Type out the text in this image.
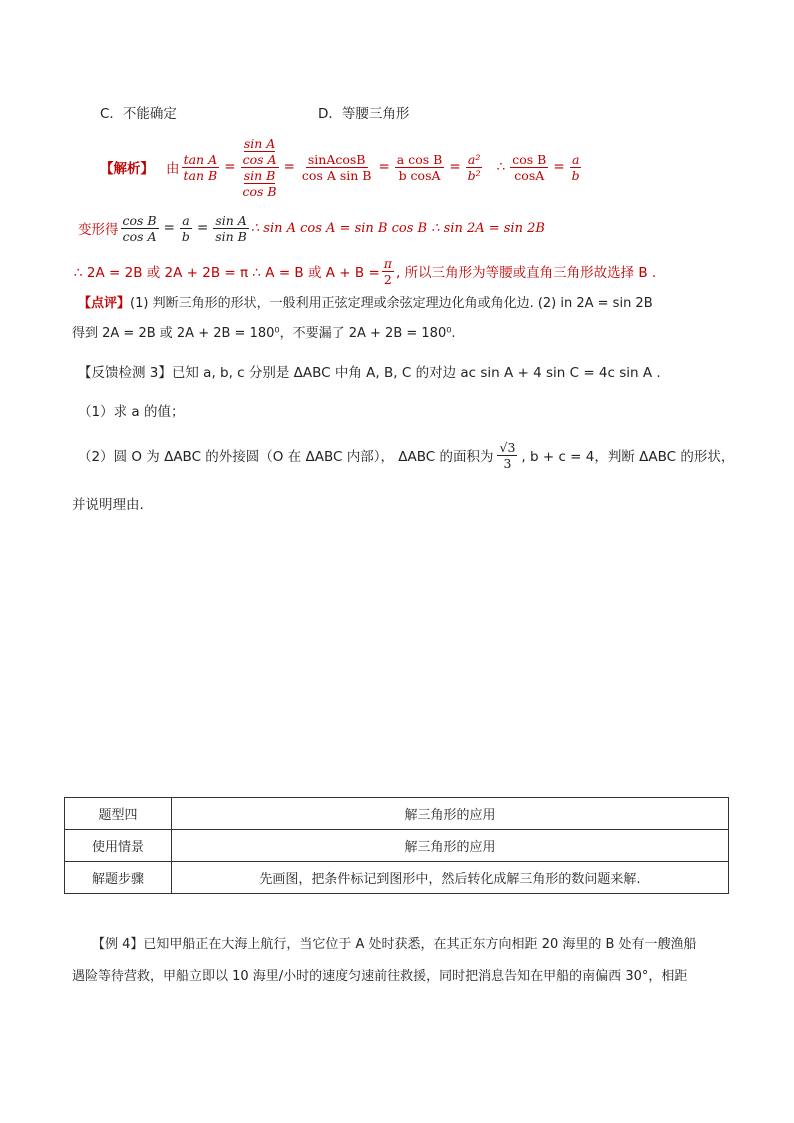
C．不能确定	D．等腰三角形
【解析】 由 $\frac{\text{tan A}}{\text{tan B}} = \sin A$
cos A
sin B
$\cos B = \frac{\text{sinAcosB}}{\text{cos A sin B}} = \frac{\text{a cos B}}{\text{b cosA}} = \frac{\text{a²}}{\text{b²}}$ ∴ $\frac{\text{cos B}}{\cos A} = \frac{a}{b}$
变形得 $\frac{\text{cos B}}{\text{cos A}} = \frac{a}{b} = \frac{\text{sin A}}{\text{sin B}}$ ∴ sin A cos A = sin B cos B ∴ sin 2A = sin 2B
∴ 2A = 2B 或 2A + 2B = π ∴ A = B 或 $A + B = \frac{\pi}{2}$ , 所以三角形为等腰或直角三角形故选择 B .
【点评】(1) 判断三角形的形状，一般利用正弦定理或余弦定理边化角或角化边. (2) in 2A = sin 2B
得到 2A = 2B 或 2A + 2B = 180⁰，不要漏了 2A + 2B = 180⁰.
【反馈检测 3】已知 a, b, c 分别是 ΔABC 中角 A, B, C 的对边 ac sin A + 4 sin C = 4c sin A .
（1）求 a 的值；
（2）圆 O 为 ΔABC 的外接圆（O 在 ΔABC 内部）， ΔABC 的面积为 $\frac{√3}{3}$ , b + c = 4，判断 ΔABC 的形状，
并说明理由.
题型四	解三角形的应用
使用情景	解三角形的应用
解题步骤	先画图，把条件标记到图形中，然后转化成解三角形的数问题来解.
【例 4】已知甲船正在大海上航行，当它位于 A 处时获悉，在其正东方向相距 20 海里的 B 处有一艘渔船
遇险等待营救，甲船立即以 10 海里/小时的速度匀速前往救援，同时把消息告知在甲船的南偏西 30°，相距
